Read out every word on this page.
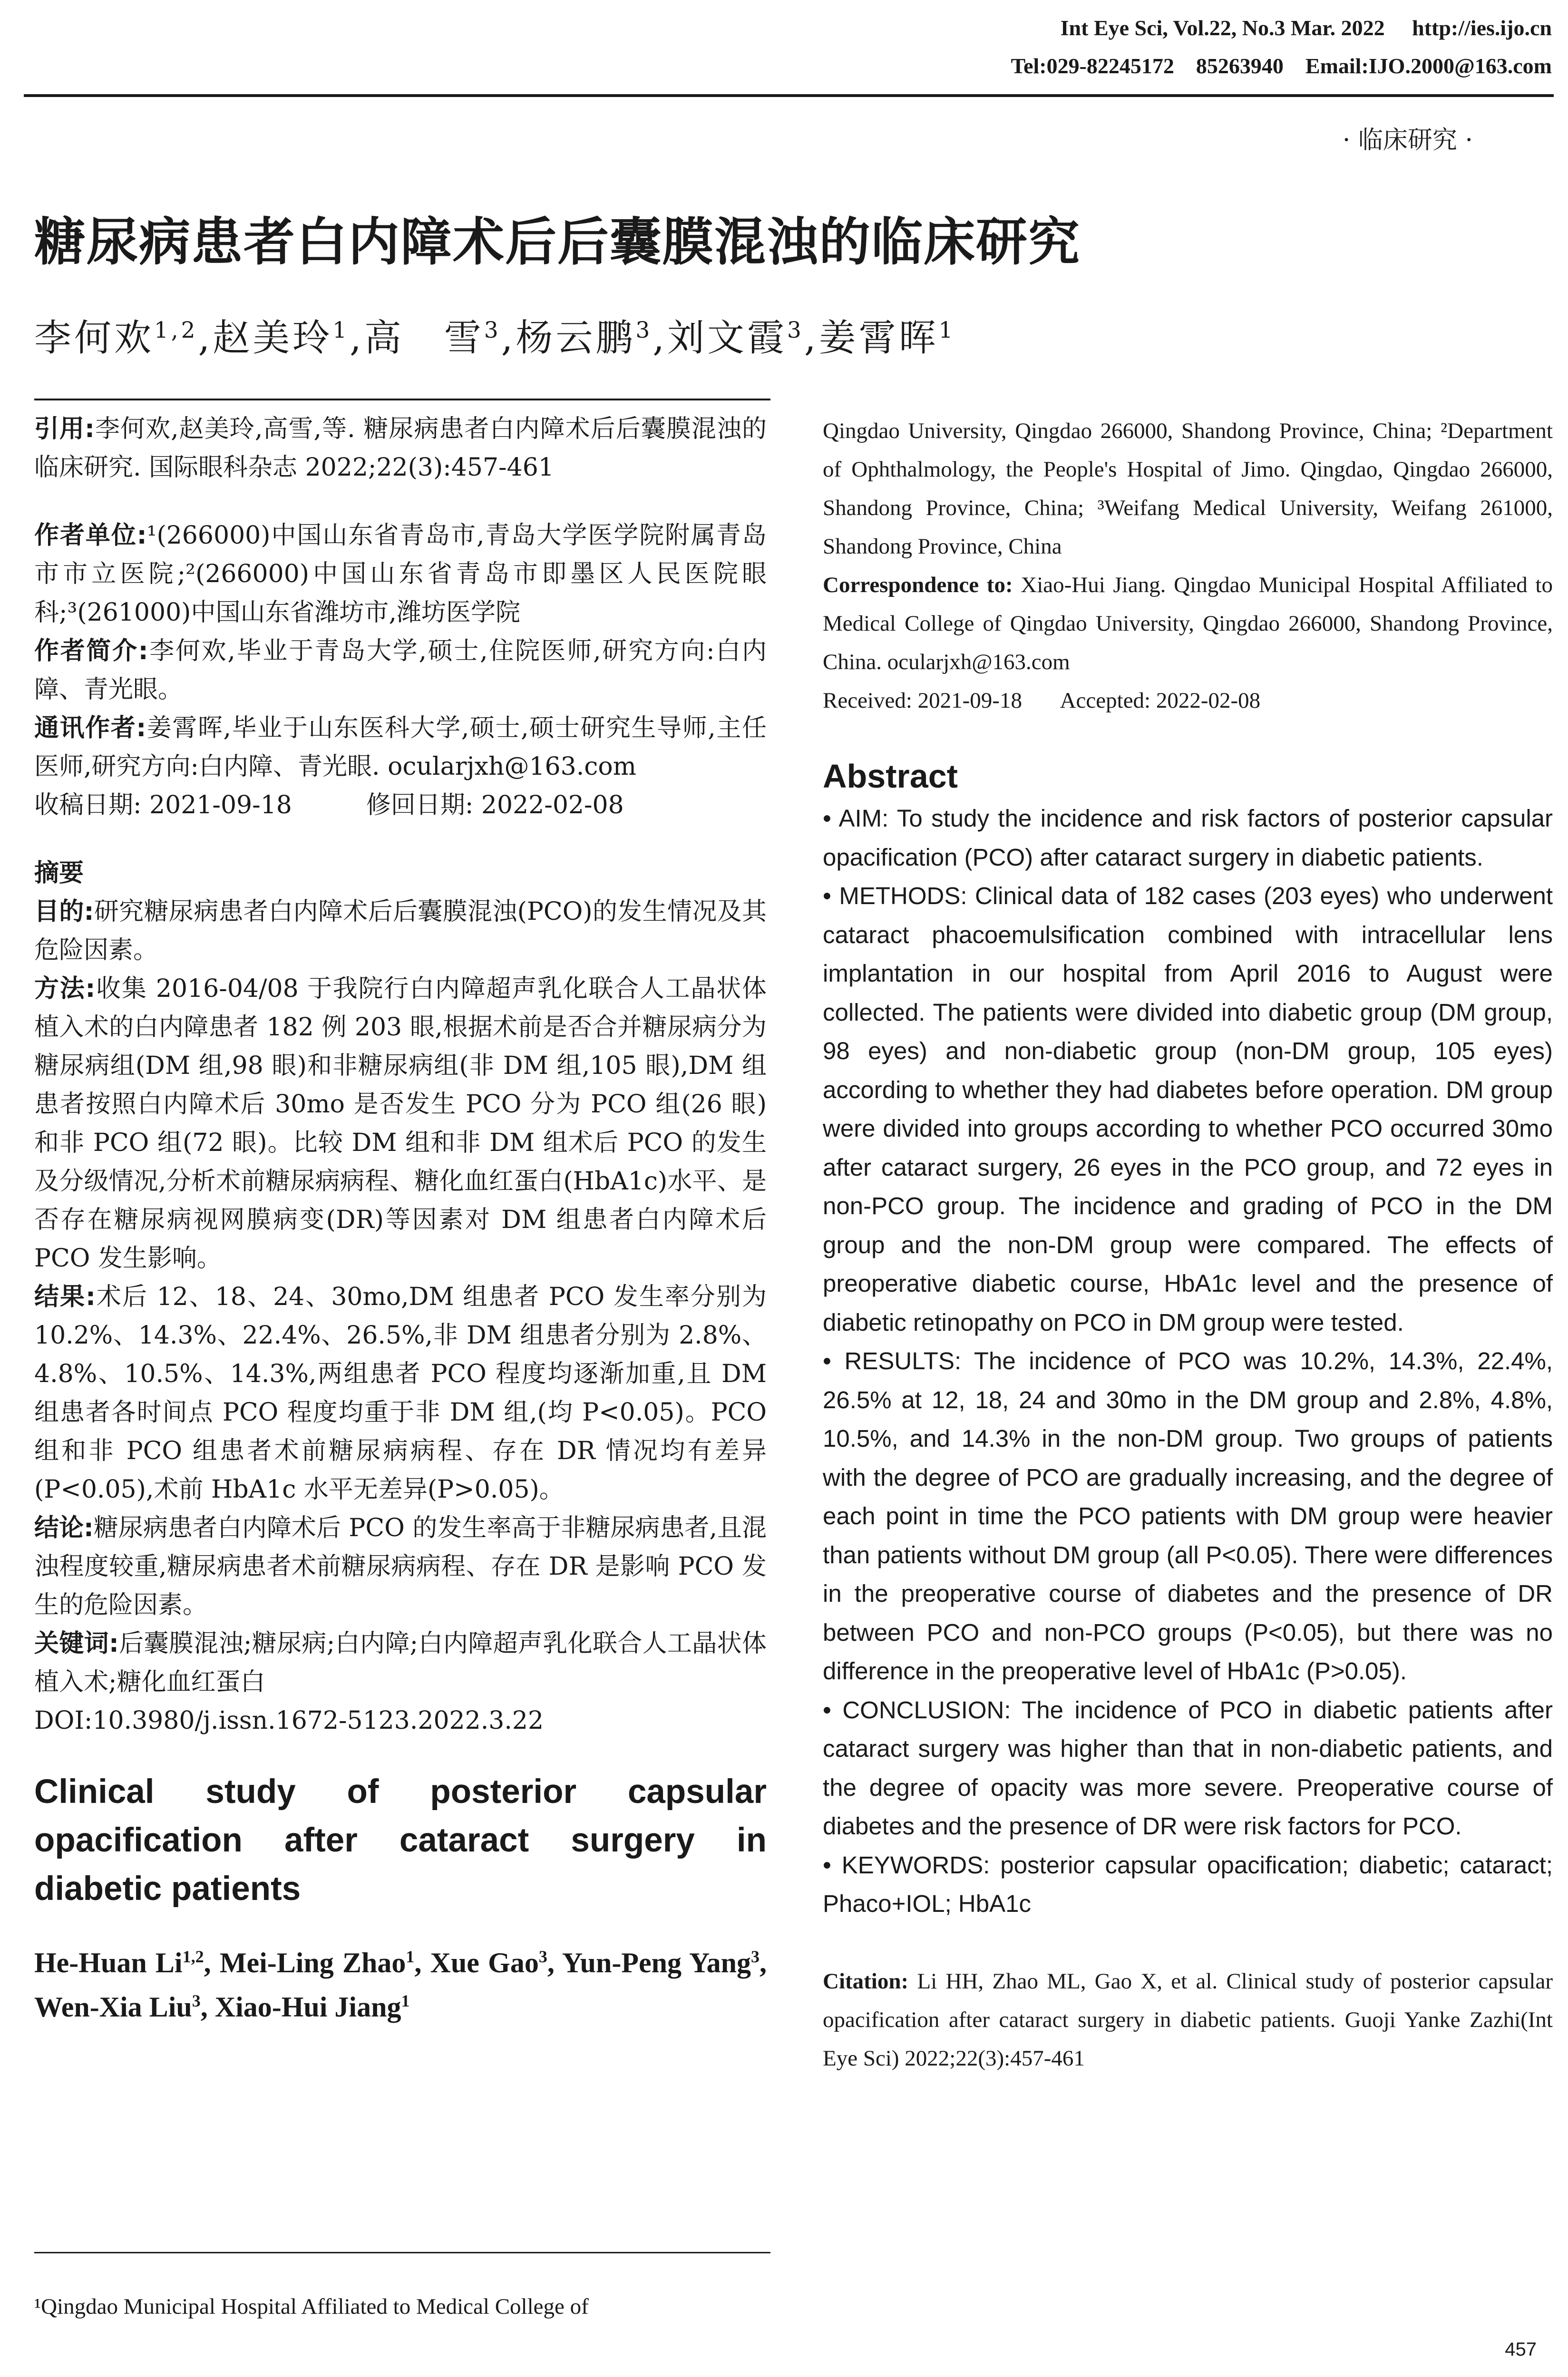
Int Eye Sci, Vol.22, No.3 Mar. 2022     http://ies.ijo.cn
Tel:029-82245172    85263940    Email:IJO.2000@163.com
· 临床研究 ·
糖尿病患者白内障术后后囊膜混浊的临床研究
李何欢$^{1,2}$,赵美玲$^1$,高　雪$^3$,杨云鹏$^3$,刘文霞$^3$,姜霄晖$^1$

引用:李何欢,赵美玲,高雪,等. 糖尿病患者白内障术后后囊膜混浊的临床研究. 国际眼科杂志 2022;22(3):457-461

作者单位:¹(266000)中国山东省青岛市,青岛大学医学院附属青岛市市立医院;²(266000)中国山东省青岛市即墨区人民医院眼科;³(261000)中国山东省潍坊市,潍坊医学院

作者简介:李何欢,毕业于青岛大学,硕士,住院医师,研究方向:白内障、青光眼。

通讯作者:姜霄晖,毕业于山东医科大学,硕士,硕士研究生导师,主任医师,研究方向:白内障、青光眼. ocularjxh@163.com

收稿日期: 2021-09-18　　　修回日期: 2022-02-08

摘要

目的:研究糖尿病患者白内障术后后囊膜混浊(PCO)的发生情况及其危险因素。

方法:收集 2016-04/08 于我院行白内障超声乳化联合人工晶状体植入术的白内障患者 182 例 203 眼,根据术前是否合并糖尿病分为糖尿病组(DM 组,98 眼)和非糖尿病组(非 DM 组,105 眼),DM 组患者按照白内障术后 30mo 是否发生 PCO 分为 PCO 组(26 眼)和非 PCO 组(72 眼)。比较 DM 组和非 DM 组术后 PCO 的发生及分级情况,分析术前糖尿病病程、糖化血红蛋白(HbA1c)水平、是否存在糖尿病视网膜病变(DR)等因素对 DM 组患者白内障术后 PCO 发生影响。

结果:术后 12、18、24、30mo,DM 组患者 PCO 发生率分别为 10.2%、14.3%、22.4%、26.5%,非 DM 组患者分别为 2.8%、4.8%、10.5%、14.3%,两组患者 PCO 程度均逐渐加重,且 DM 组患者各时间点 PCO 程度均重于非 DM 组,(均 P<0.05)。PCO 组和非 PCO 组患者术前糖尿病病程、存在 DR 情况均有差异(P<0.05),术前 HbA1c 水平无差异(P>0.05)。

结论:糖尿病患者白内障术后 PCO 的发生率高于非糖尿病患者,且混浊程度较重,糖尿病患者术前糖尿病病程、存在 DR 是影响 PCO 发生的危险因素。

关键词:后囊膜混浊;糖尿病;白内障;白内障超声乳化联合人工晶状体植入术;糖化血红蛋白

DOI:10.3980/j.issn.1672-5123.2022.3.22

Clinical study of posterior capsular opacification after cataract surgery in diabetic patients

He-Huan Li$^{1,2}$, Mei-Ling Zhao$^1$, Xue Gao$^3$, Yun-Peng Yang$^3$, Wen-Xia Liu$^3$, Xiao-Hui Jiang$^1$

¹Qingdao Municipal Hospital Affiliated to Medical College of

Qingdao University, Qingdao 266000, Shandong Province, China; ²Department of Ophthalmology, the People's Hospital of Jimo. Qingdao, Qingdao 266000, Shandong Province, China; ³Weifang Medical University, Weifang 261000, Shandong Province, China

Correspondence to: Xiao-Hui Jiang. Qingdao Municipal Hospital Affiliated to Medical College of Qingdao University, Qingdao 266000, Shandong Province, China. ocularjxh@163.com

Received: 2021-09-18       Accepted: 2022-02-08

Abstract

• AIM: To study the incidence and risk factors of posterior capsular opacification (PCO) after cataract surgery in diabetic patients.

• METHODS: Clinical data of 182 cases (203 eyes) who underwent cataract phacoemulsification combined with intracellular lens implantation in our hospital from April 2016 to August were collected. The patients were divided into diabetic group (DM group, 98 eyes) and non-diabetic group (non-DM group, 105 eyes) according to whether they had diabetes before operation. DM group were divided into groups according to whether PCO occurred 30mo after cataract surgery, 26 eyes in the PCO group, and 72 eyes in non-PCO group. The incidence and grading of PCO in the DM group and the non-DM group were compared. The effects of preoperative diabetic course, HbA1c level and the presence of diabetic retinopathy on PCO in DM group were tested.

• RESULTS: The incidence of PCO was 10.2%, 14.3%, 22.4%, 26.5% at 12, 18, 24 and 30mo in the DM group and 2.8%, 4.8%, 10.5%, and 14.3% in the non-DM group. Two groups of patients with the degree of PCO are gradually increasing, and the degree of each point in time the PCO patients with DM group were heavier than patients without DM group (all P<0.05). There were differences in the preoperative course of diabetes and the presence of DR between PCO and non-PCO groups (P<0.05), but there was no difference in the preoperative level of HbA1c (P>0.05).

• CONCLUSION: The incidence of PCO in diabetic patients after cataract surgery was higher than that in non-diabetic patients, and the degree of opacity was more severe. Preoperative course of diabetes and the presence of DR were risk factors for PCO.

• KEYWORDS: posterior capsular opacification; diabetic; cataract; Phaco+IOL; HbA1c

Citation: Li HH, Zhao ML, Gao X, et al. Clinical study of posterior capsular opacification after cataract surgery in diabetic patients. Guoji Yanke Zazhi(Int Eye Sci) 2022;22(3):457-461

457
